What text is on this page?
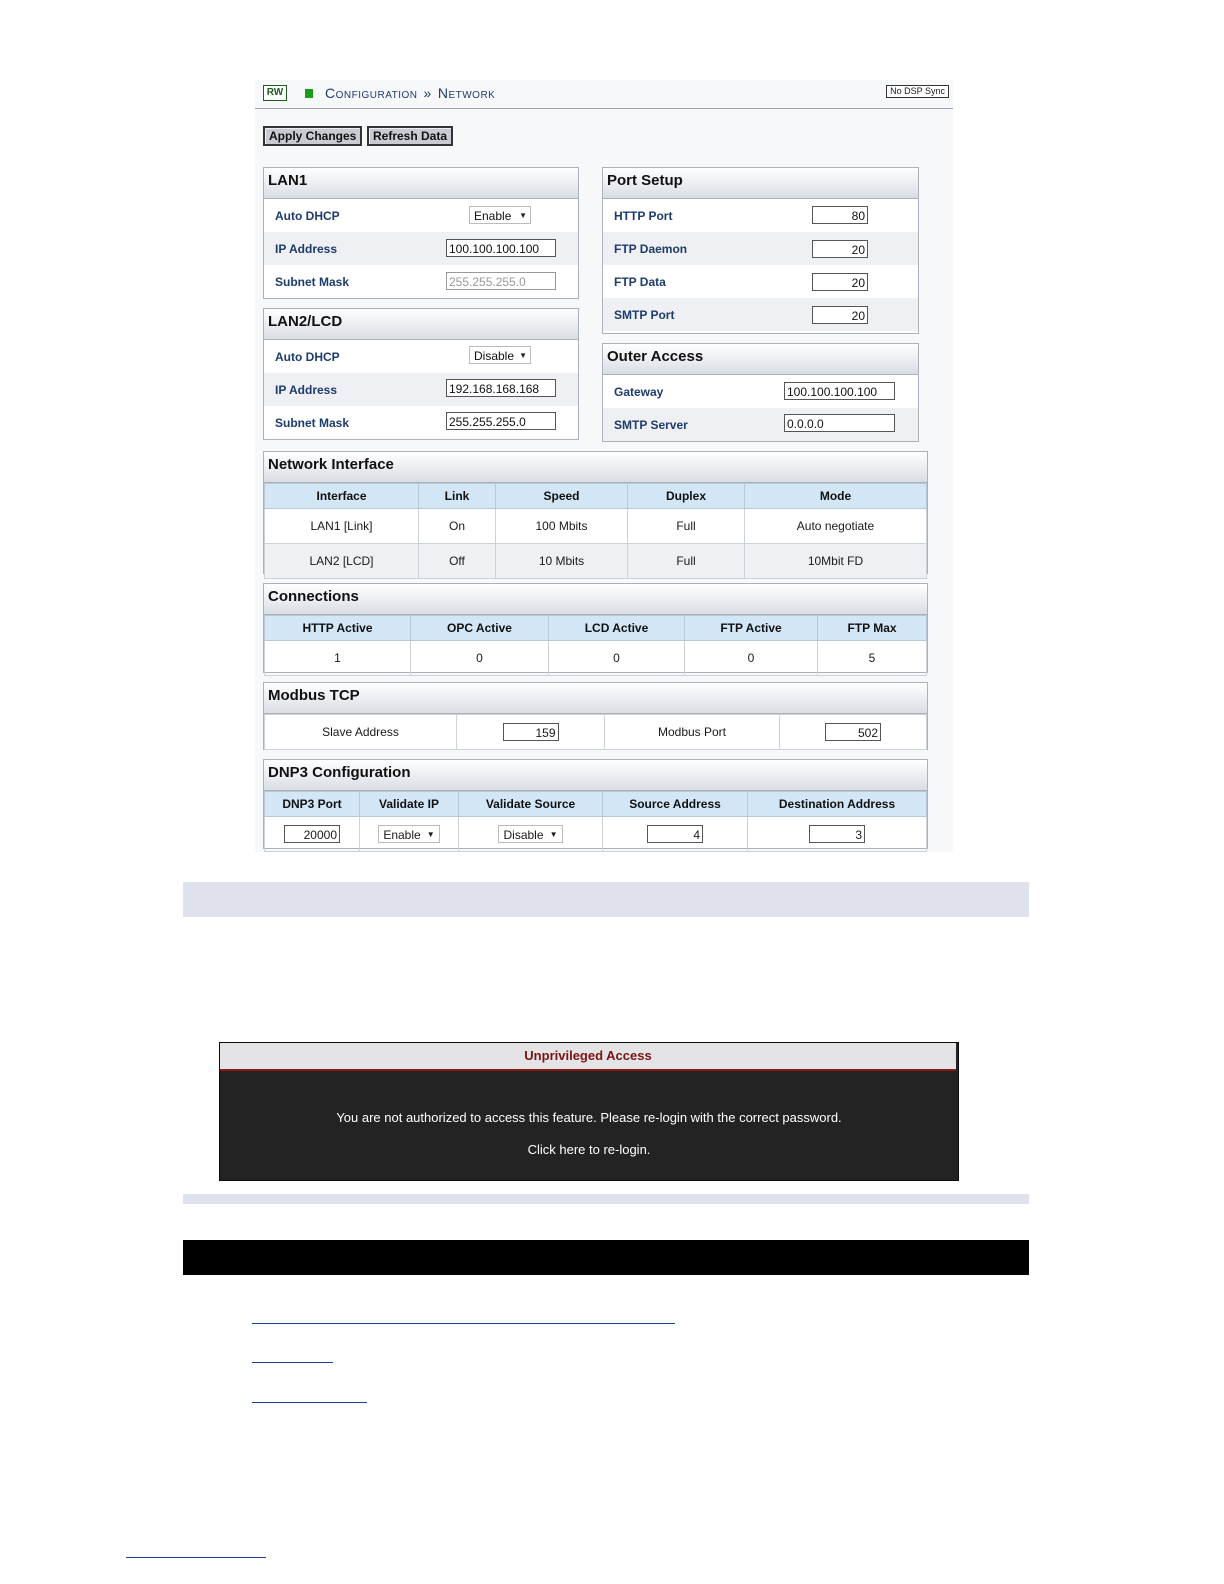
RW	Configuration » Network	No DSP Sync
Apply Changes	Refresh Data
LAN1
Auto DHCP	Enable ▼
IP Address	100.100.100.100
Subnet Mask	255.255.255.0
LAN2/LCD
Auto DHCP	Disable ▼
IP Address	192.168.168.168
Subnet Mask	255.255.255.0
Port Setup
HTTP Port	80
FTP Daemon	20
FTP Data	20
SMTP Port	20
Outer Access
Gateway	100.100.100.100
SMTP Server	0.0.0.0
Network Interface
Interface	Link	Speed	Duplex	Mode
LAN1 [Link]	On	100 Mbits	Full	Auto negotiate
LAN2 [LCD]	Off	10 Mbits	Full	10Mbit FD
Connections
HTTP Active	OPC Active	LCD Active	FTP Active	FTP Max
1	0	0	0	5
Modbus TCP
Slave Address	159	Modbus Port	502
DNP3 Configuration
DNP3 Port	Validate IP	Validate Source	Source Address	Destination Address
20000	Enable ▼	Disable ▼	4	3
Unprivileged Access
You are not authorized to access this feature. Please re-login with the correct password.
Click here to re-login.
